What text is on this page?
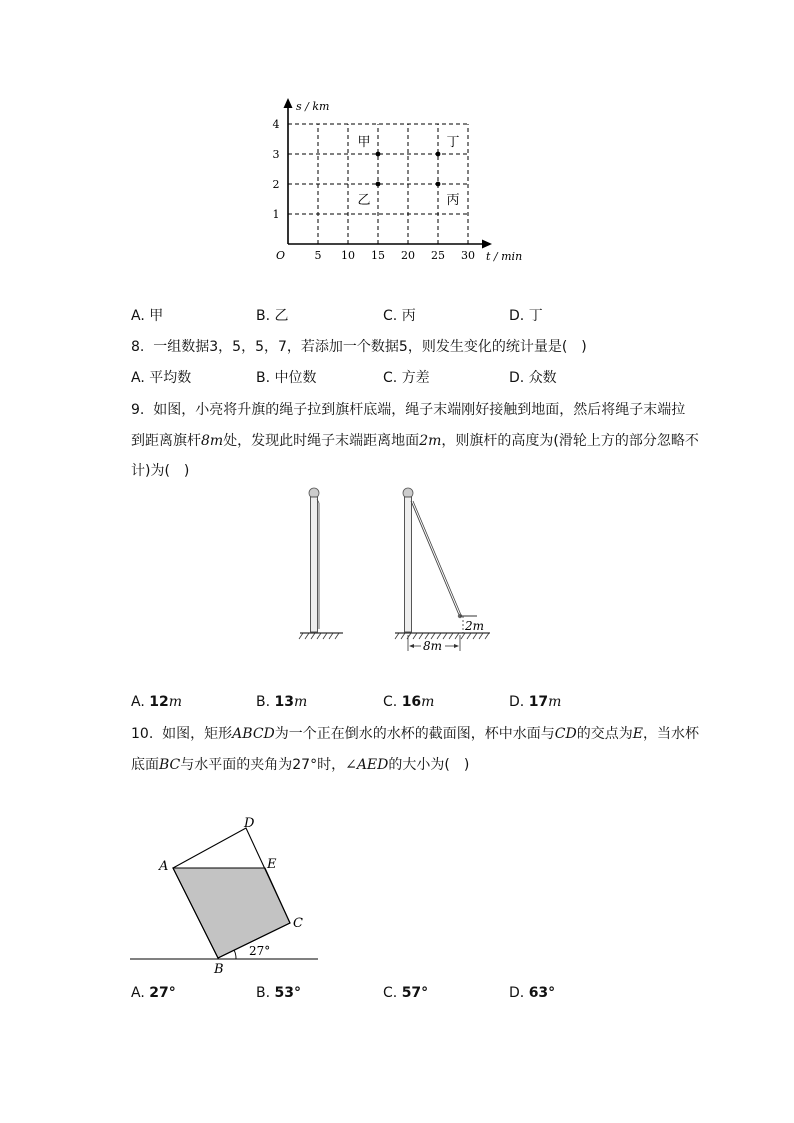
s / km
t / min
O	5 10 15 20 25 30
1
2
3
4
甲
乙	丙
丁
A. 甲	B. 乙	C. 丙	D. 丁
8. 一组数据3，5，5，7，若添加一个数据5，则发生变化的统计量是(　)
A. 平均数	B. 中位数	C. 方差	D. 众数
9. 如图，小亮将升旗的绳子拉到旗杆底端，绳子末端刚好接触到地面，然后将绳子末端拉
到距离旗杆8m处，发现此时绳子末端距离地面2m，则旗杆的高度为(滑轮上方的部分忽略不
计)为(　)
2m
8m
A. 12m	B. 13m	C. 16m	D. 17m
10. 如图，矩形ABCD为一个正在倒水的水杯的截面图，杯中水面与CD的交点为E，当水杯
底面BC与水平面的夹角为27°时，∠AED的大小为(　)
A
B
C
D
E
27°
A. 27°	B. 53°	C. 57°	D. 63°
